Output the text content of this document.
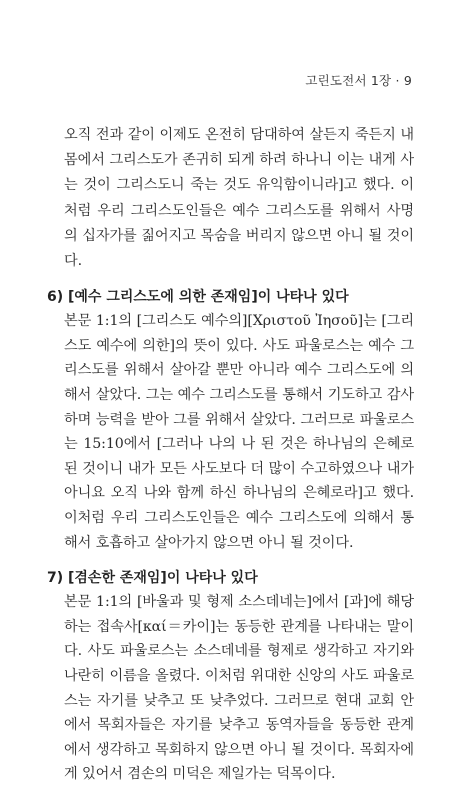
고린도전서 1장 · 9

오직 전과 같이 이제도 온전히 담대하여 살든지 죽든지 내 몸에서 그리스도가 존귀히 되게 하려 하나니 이는 내게 사는 것이 그리스도니 죽는 것도 유익함이니라]고 했다. 이처럼 우리 그리스도인들은 예수 그리스도를 위해서 사명의 십자가를 짊어지고 목숨을 버리지 않으면 아니 될 것이다.

6) [예수 그리스도에 의한 존재임]이 나타나 있다

본문 1:1의 [그리스도 예수의][Χριστοῦ Ἰησοῦ]는 [그리스도 예수에 의한]의 뜻이 있다. 사도 파울로스는 예수 그리스도를 위해서 살아갈 뿐만 아니라 예수 그리스도에 의해서 살았다. 그는 예수 그리스도를 통해서 기도하고 감사하며 능력을 받아 그를 위해서 살았다. 그러므로 파울로스는 15:10에서 [그러나 나의 나 된 것은 하나님의 은혜로 된 것이니 내가 모든 사도보다 더 많이 수고하였으나 내가 아니요 오직 나와 함께 하신 하나님의 은혜로라]고 했다. 이처럼 우리 그리스도인들은 예수 그리스도에 의해서 통해서 호흡하고 살아가지 않으면 아니 될 것이다.

7) [겸손한 존재임]이 나타나 있다

본문 1:1의 [바울과 및 형제 소스데네는]에서 [과]에 해당하는 접속사[καί＝카이]는 동등한 관계를 나타내는 말이다. 사도 파울로스는 소스데네를 형제로 생각하고 자기와 나란히 이름을 올렸다. 이처럼 위대한 신앙의 사도 파울로스는 자기를 낮추고 또 낮추었다. 그러므로 현대 교회 안에서 목회자들은 자기를 낮추고 동역자들을 동등한 관계에서 생각하고 목회하지 않으면 아니 될 것이다. 목회자에게 있어서 겸손의 미덕은 제일가는 덕목이다.
